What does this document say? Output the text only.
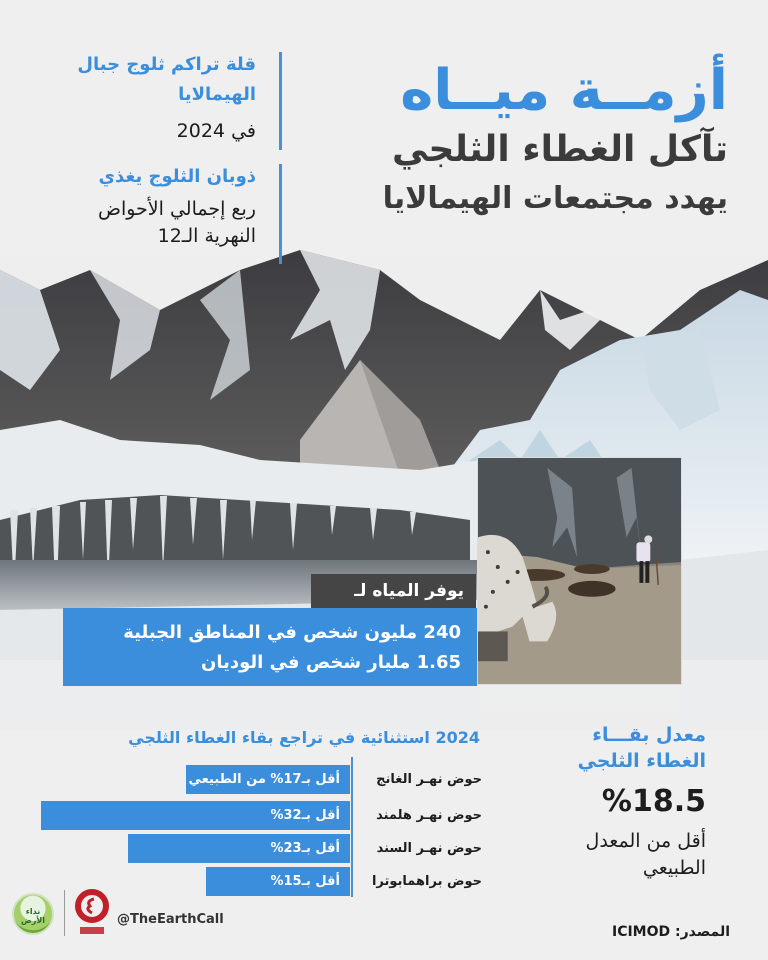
أزمــة ميــاه
تآكل الغطاء الثلجي
يهدد مجتمعات الهيمالايا
قلة تراكم ثلوج جبال الهيمالايا
في 2024
ذوبان الثلوج يغذي
ربع إجمالي الأحواض
النهرية الـ12
يوفر المياه لـ
240 مليون شخص في المناطق الجبلية
1.65 مليار شخص في الوديان
2024 استثنائية في تراجع بقاء الغطاء الثلجي
أقل بـ17% من الطبيعي	حوض نهـر الغانج
أقل بـ32%	حوض نهـر هلمند
أقل بـ23%	حوض نهـر السند
أقل بـ15%	حوض براهمابوترا
معدل بقـــاء
الغطاء الثلجي
%18.5
أقل من المعدل
الطبيعي
نداء الأرض	@TheEarthCall
المصدر: ICIMOD
